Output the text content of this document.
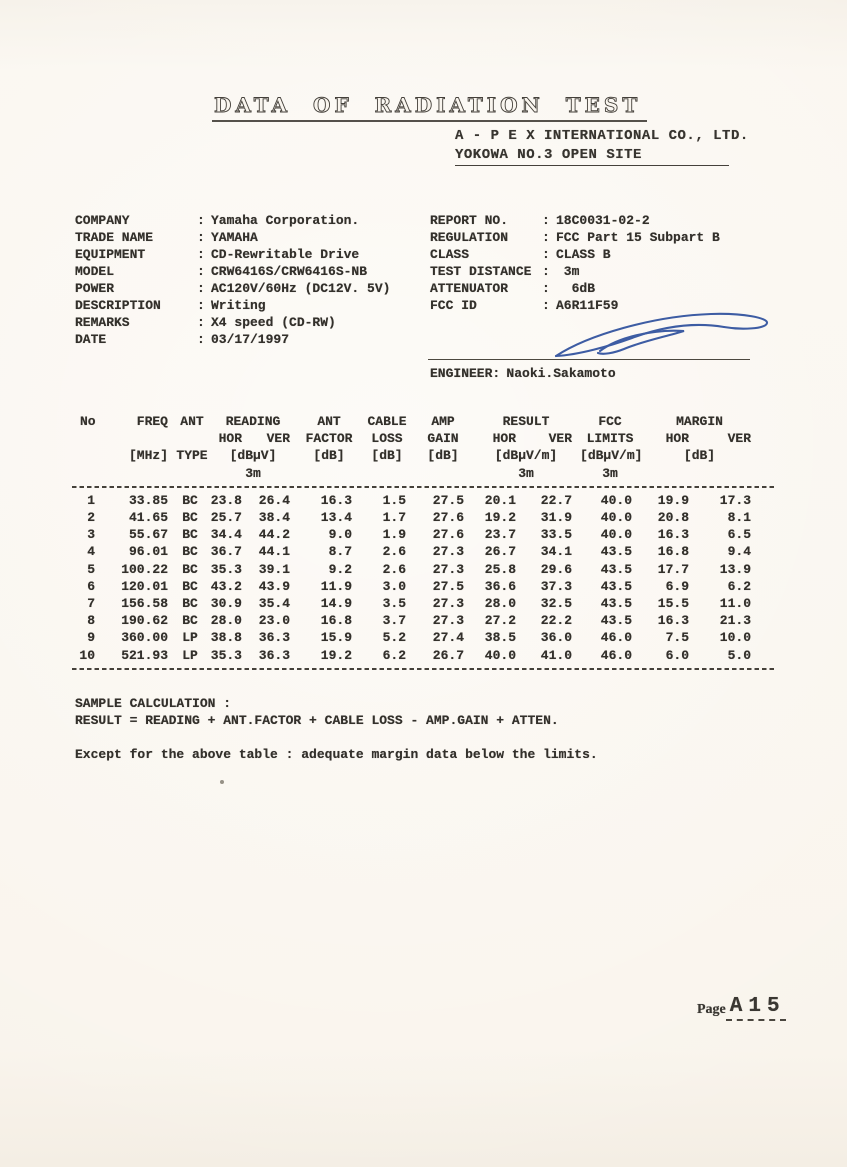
DATA OF RADIATION TEST
A - P E X INTERNATIONAL CO., LTD.
YOKOWA NO.3 OPEN SITE
COMPANY	: Yamaha Corporation.
TRADE NAME	: YAMAHA
EQUIPMENT	: CD-Rewritable Drive
MODEL	: CRW6416S/CRW6416S-NB
POWER	: AC120V/60Hz (DC12V. 5V)
DESCRIPTION	: Writing
REMARKS	: X4 speed (CD-RW)
DATE	: 03/17/1997
REPORT NO.	: 18C0031-02-2
REGULATION	: FCC Part 15 Subpart B
CLASS	: CLASS B
TEST DISTANCE : 3m
ATTENUATOR	: 6dB
FCC ID	: A6R11F59
ENGINEER : Naoki.Sakamoto
No	FREQ	ANT	READING		ANT	CABLE	AMP	RESULT		FCC	MARGIN	
			HOR	VER	FACTOR	LOSS	GAIN	HOR	VER	LIMITS	HOR	VER
	[MHz]	TYPE	[dBµV]		[dB]	[dB]	[dB]	[dBµV/m]		[dBµV/m]	[dB]	
			3m					3m		3m		

1	33.85	BC	23.8	26.4	16.3	1.5	27.5	20.1	22.7	40.0	19.9	17.3
2	41.65	BC	25.7	38.4	13.4	1.7	27.6	19.2	31.9	40.0	20.8	8.1
3	55.67	BC	34.4	44.2	9.0	1.9	27.6	23.7	33.5	40.0	16.3	6.5
4	96.01	BC	36.7	44.1	8.7	2.6	27.3	26.7	34.1	43.5	16.8	9.4
5	100.22	BC	35.3	39.1	9.2	2.6	27.3	25.8	29.6	43.5	17.7	13.9
6	120.01	BC	43.2	43.9	11.9	3.0	27.5	36.6	37.3	43.5	6.9	6.2
7	156.58	BC	30.9	35.4	14.9	3.5	27.3	28.0	32.5	43.5	15.5	11.0
8	190.62	BC	28.0	23.0	16.8	3.7	27.3	27.2	22.2	43.5	16.3	21.3
9	360.00	LP	38.8	36.3	15.9	5.2	27.4	38.5	36.0	46.0	7.5	10.0
10	521.93	LP	35.3	36.3	19.2	6.2	26.7	40.0	41.0	46.0	6.0	5.0

SAMPLE CALCULATION :
RESULT = READING + ANT.FACTOR + CABLE LOSS - AMP.GAIN + ATTEN.
Except for the above table : adequate margin data below the limits.
Page A15
